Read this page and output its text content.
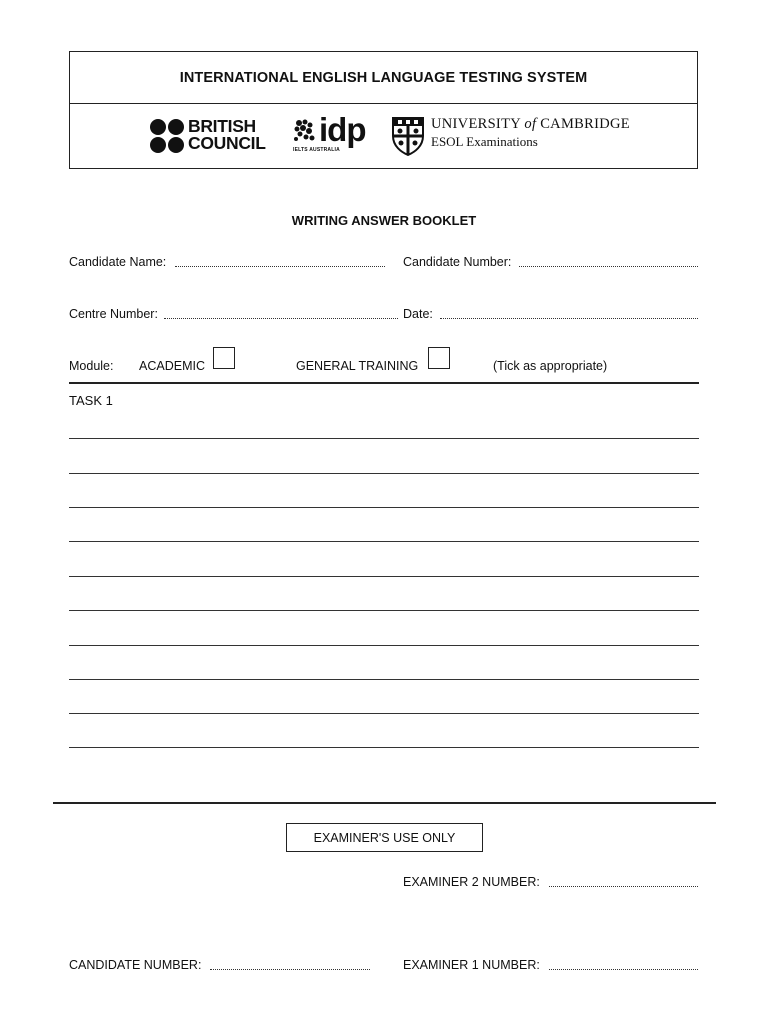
INTERNATIONAL ENGLISH LANGUAGE TESTING SYSTEM
BRITISH
COUNCIL idp
IELTS AUSTRALIA
UNIVERSITY of CAMBRIDGE
ESOL Examinations
WRITING ANSWER BOOKLET
Candidate Name:	Candidate Number:
Centre Number:	Date:
Module: ACADEMIC	GENERAL TRAINING	(Tick as appropriate)
TASK 1
EXAMINER'S USE ONLY
EXAMINER 2 NUMBER:
CANDIDATE NUMBER:	EXAMINER 1 NUMBER:
